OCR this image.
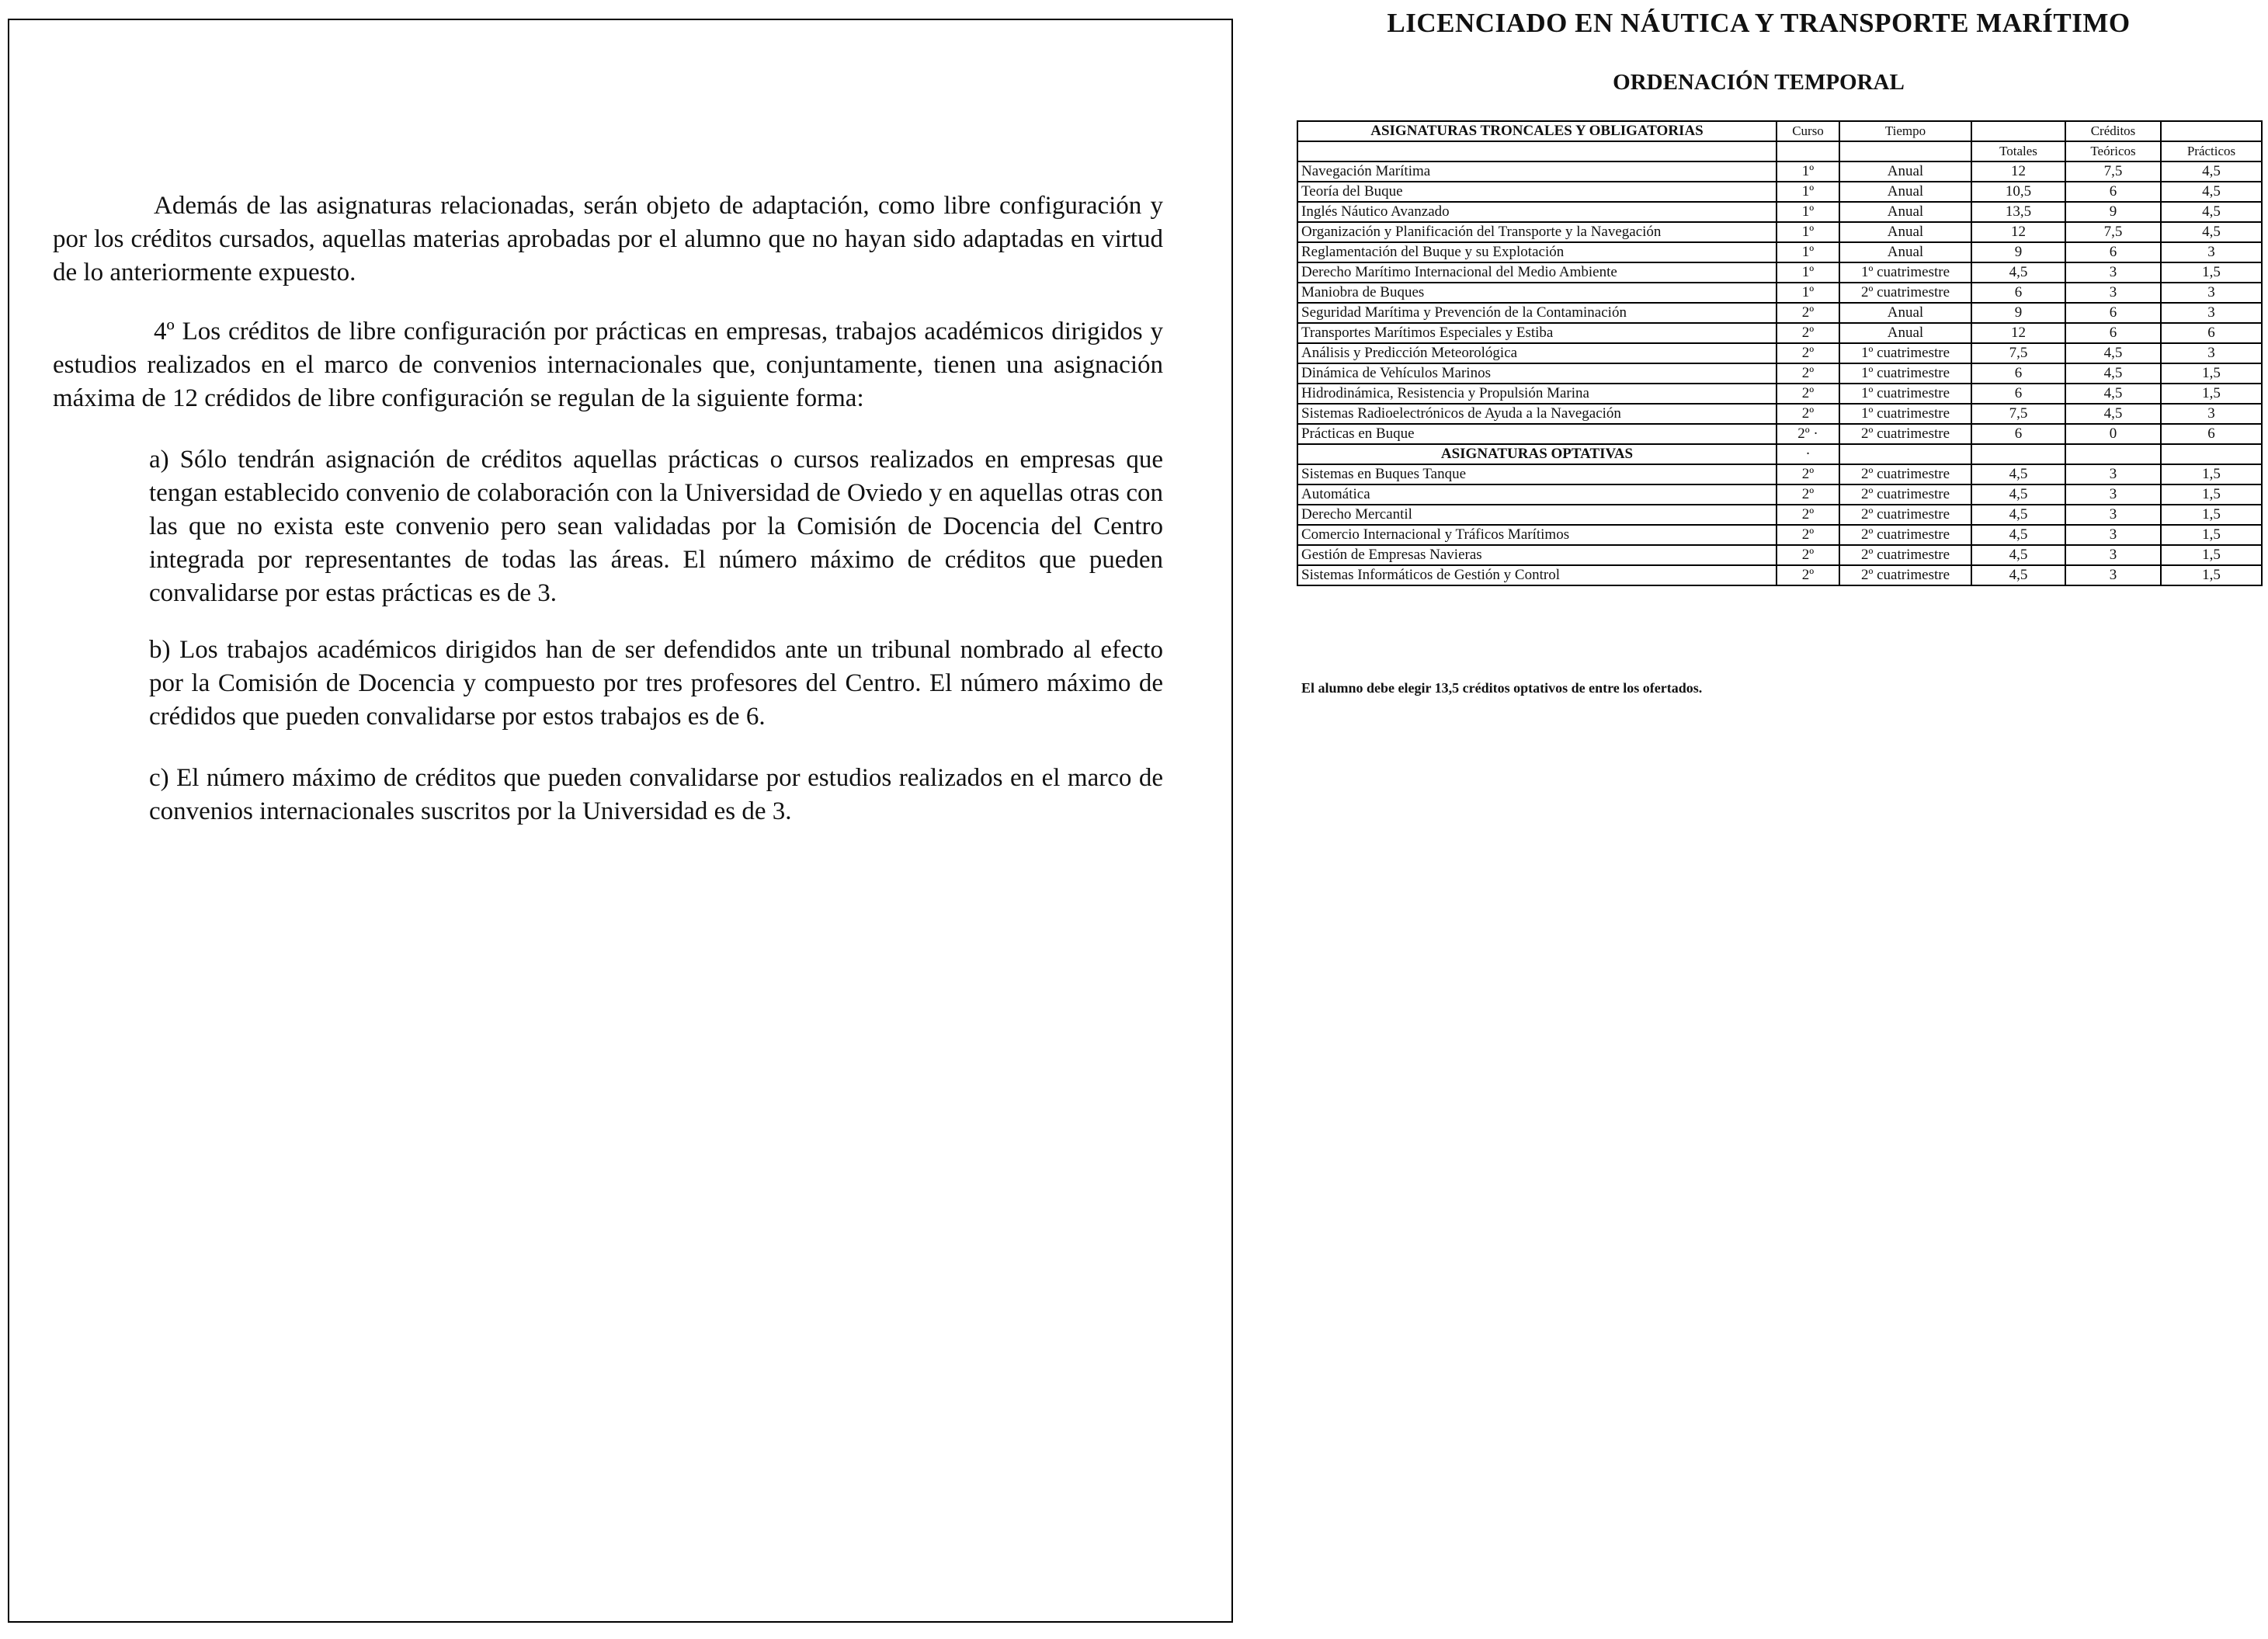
Además de las asignaturas relacionadas, serán objeto de adaptación, como libre configuración y por los créditos cursados, aquellas materias aprobadas por el alumno que no hayan sido adaptadas en virtud de lo anteriormente expuesto.

4º Los créditos de libre configuración por prácticas en empresas, trabajos académicos dirigidos y estudios realizados en el marco de convenios internacionales que, conjuntamente, tienen una asignación máxima de 12 crédidos de libre configuración se regulan de la siguiente forma:

a) Sólo tendrán asignación de créditos aquellas prácticas o cursos realizados en empresas que tengan establecido convenio de colaboración con la Universidad de Oviedo y en aquellas otras con las que no exista este convenio pero sean validadas por la Comisión de Docencia del Centro integrada por representantes de todas las áreas. El número máximo de créditos que pueden convalidarse por estas prácticas es de 3.

b) Los trabajos académicos dirigidos han de ser defendidos ante un tribunal nombrado al efecto por la Comisión de Docencia y compuesto por tres profesores del Centro. El número máximo de crédidos que pueden convalidarse por estos trabajos es de 6.

c) El número máximo de créditos que pueden convalidarse por estudios realizados en el marco de convenios internacionales suscritos por la Universidad es de 3.

LICENCIADO EN NÁUTICA Y TRANSPORTE MARÍTIMO
ORDENACIÓN TEMPORAL
ASIGNATURAS TRONCALES Y OBLIGATORIAS	Curso	Tiempo		Créditos	
			Totales	Teóricos	Prácticos
Navegación Marítima	1º	Anual	12	7,5	4,5
Teoría del Buque	1º	Anual	10,5	6	4,5
Inglés Náutico Avanzado	1º	Anual	13,5	9	4,5
Organización y Planificación del Transporte y la Navegación	1º	Anual	12	7,5	4,5
Reglamentación del Buque y su Explotación	1º	Anual	9	6	3
Derecho Marítimo Internacional del Medio Ambiente	1º	1º cuatrimestre	4,5	3	1,5
Maniobra de Buques	1º	2º cuatrimestre	6	3	3
Seguridad Marítima y Prevención de la Contaminación	2º	Anual	9	6	3
Transportes Marítimos Especiales y Estiba	2º	Anual	12	6	6
Análisis y Predicción Meteorológica	2º	1º cuatrimestre	7,5	4,5	3
Dinámica de Vehículos Marinos	2º	1º cuatrimestre	6	4,5	1,5
Hidrodinámica, Resistencia y Propulsión Marina	2º	1º cuatrimestre	6	4,5	1,5
Sistemas Radioelectrónicos de Ayuda a la Navegación	2º	1º cuatrimestre	7,5	4,5	3
Prácticas en Buque	2º ·	2º cuatrimestre	6	0	6
ASIGNATURAS OPTATIVAS	·				
Sistemas en Buques Tanque	2º	2º cuatrimestre	4,5	3	1,5
Automática	2º	2º cuatrimestre	4,5	3	1,5
Derecho Mercantil	2º	2º cuatrimestre	4,5	3	1,5
Comercio Internacional y Tráficos Marítimos	2º	2º cuatrimestre	4,5	3	1,5
Gestión de Empresas Navieras	2º	2º cuatrimestre	4,5	3	1,5
Sistemas Informáticos de Gestión y Control	2º	2º cuatrimestre	4,5	3	1,5

El alumno debe elegir 13,5 créditos optativos de entre los ofertados.
